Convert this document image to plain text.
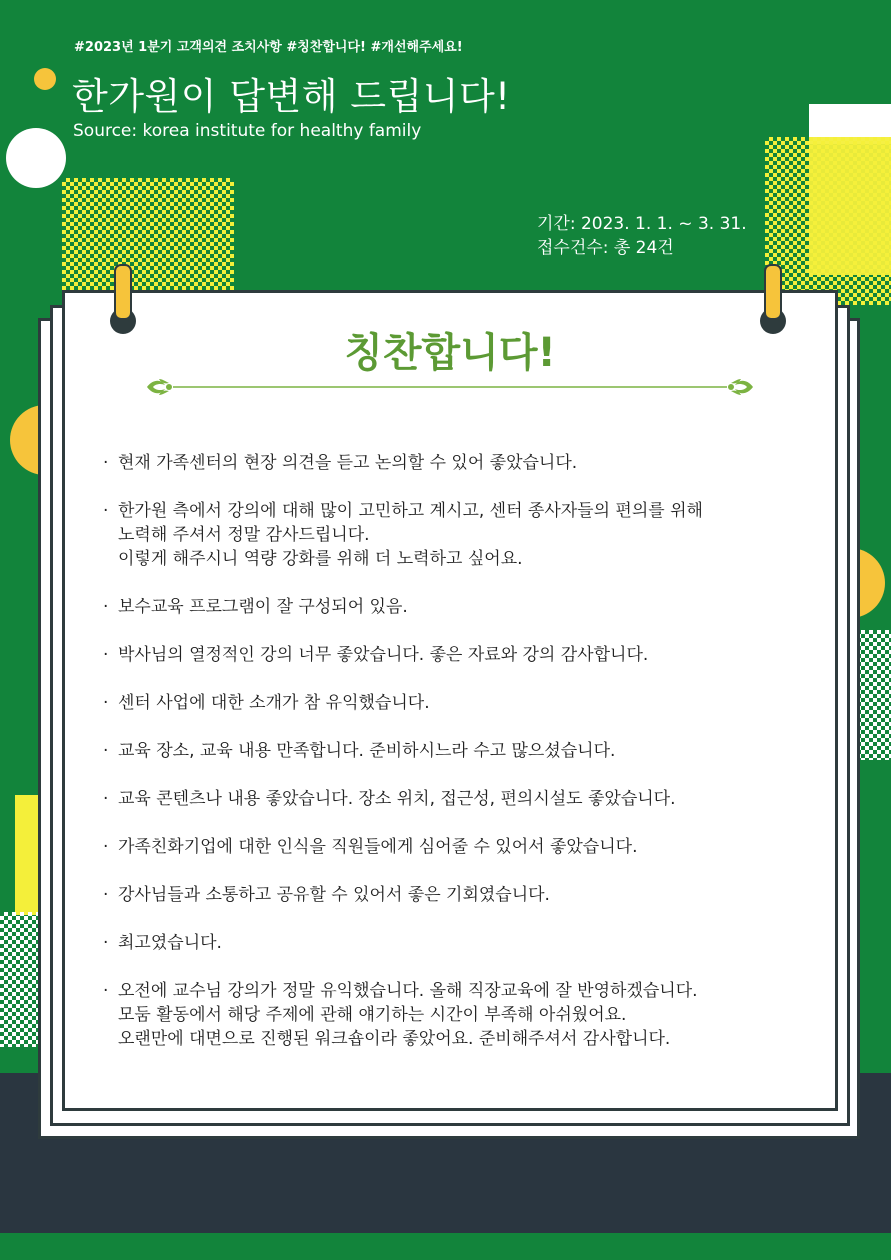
#2023년 1분기 고객의견 조치사항 #칭찬합니다! #개선해주세요!
한가원이 답변해 드립니다!
Source: korea institute for healthy family
기간: 2023. 1. 1. ~ 3. 31.
접수건수: 총 24건
칭찬합니다!
· 현재 가족센터의 현장 의견을 듣고 논의할 수 있어 좋았습니다.
· 한가원 측에서 강의에 대해 많이 고민하고 계시고, 센터 종사자들의 편의를 위해
노력해 주셔서 정말 감사드립니다.
이렇게 해주시니 역량 강화를 위해 더 노력하고 싶어요.
· 보수교육 프로그램이 잘 구성되어 있음.
· 박사님의 열정적인 강의 너무 좋았습니다. 좋은 자료와 강의 감사합니다.
· 센터 사업에 대한 소개가 참 유익했습니다.
· 교육 장소, 교육 내용 만족합니다. 준비하시느라 수고 많으셨습니다.
· 교육 콘텐츠나 내용 좋았습니다. 장소 위치, 접근성, 편의시설도 좋았습니다.
· 가족친화기업에 대한 인식을 직원들에게 심어줄 수 있어서 좋았습니다.
· 강사님들과 소통하고 공유할 수 있어서 좋은 기회였습니다.
· 최고였습니다.
· 오전에 교수님 강의가 정말 유익했습니다. 올해 직장교육에 잘 반영하겠습니다.
모둠 활동에서 해당 주제에 관해 얘기하는 시간이 부족해 아쉬웠어요.
오랜만에 대면으로 진행된 워크숍이라 좋았어요. 준비해주셔서 감사합니다.
